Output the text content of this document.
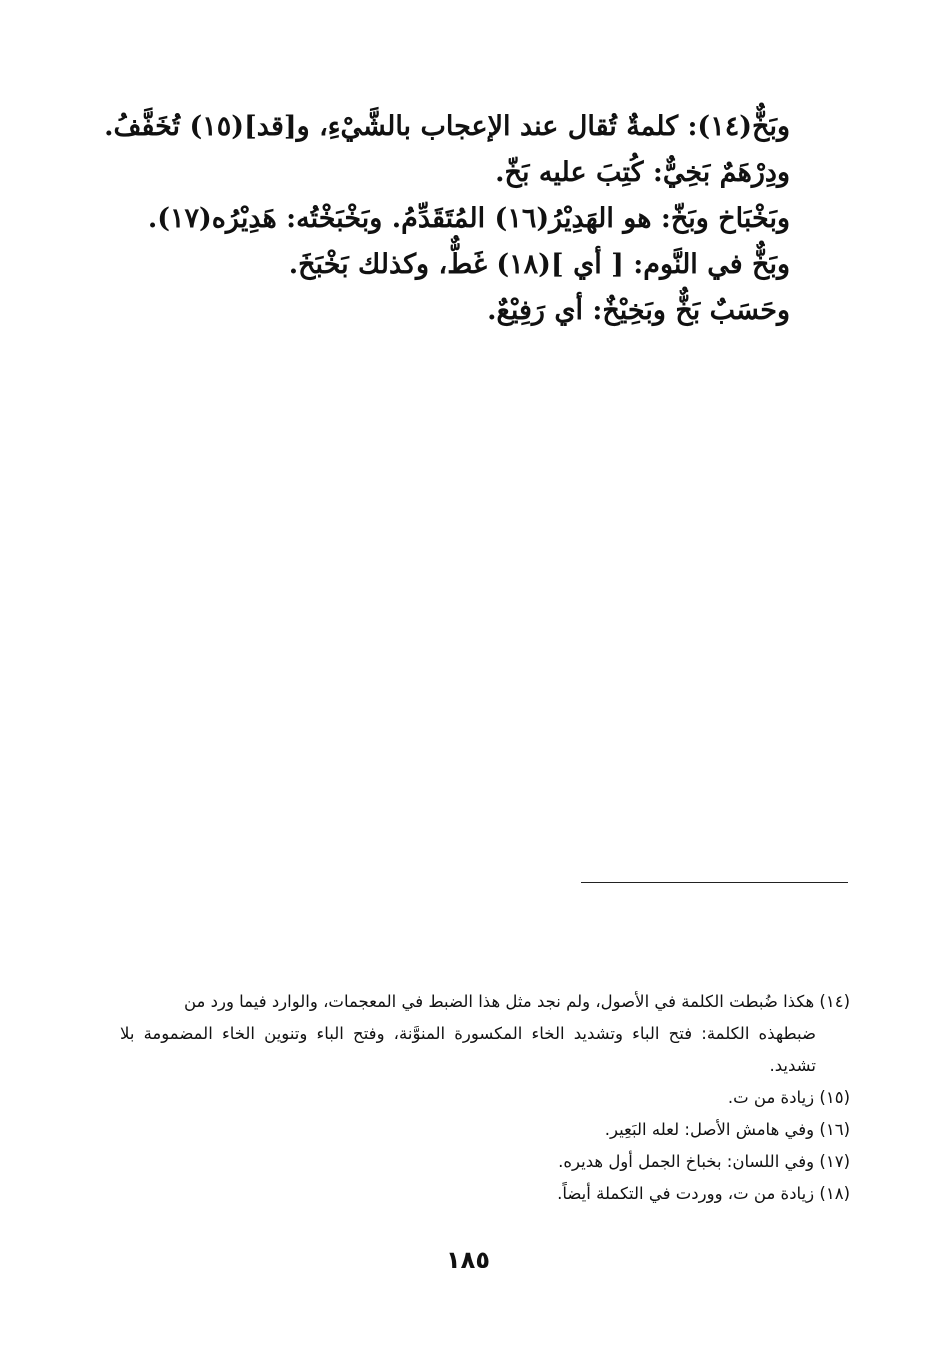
وبَخٌّ(١٤): كلمةٌ تُقال عند الإعجاب بالشَّيْءِ، و[قد](١٥) تُخَفَّفُ.
ودِرْهَمٌ بَخِيٌّ: كُتِبَ عليه بَخّ.
وبَخْبَاخ وبَخّ: هو الهَدِيْرُ(١٦) المُتَقَدِّمُ. وبَخْبَخْتُه: هَدِيْرُه(١٧).
وبَخٌّ في النَّوم: [ أي ](١٨) غَطٌّ، وكذلك بَخْبَخَ.
وحَسَبٌ بَخٌّ وبَخِيْخٌ: أي رَفِيْعٌ.
(١٤) هكذا ضُبطت الكلمة في الأصول، ولم نجد مثل هذا الضبط في المعجمات، والوارد فيما ورد من
ضبطهذه الكلمة: فتح الباء وتشديد الخاء المكسورة المنوَّنة، وفتح الباء وتنوين الخاء المضمومة بلا تشديد.
(١٥) زيادة من ت.
(١٦) وفي هامش الأصل: لعله البَعِير.
(١٧) وفي اللسان: بخباخ الجمل أول هديره.
(١٨) زيادة من ت، ووردت في التكملة أيضاً.
١٨٥
